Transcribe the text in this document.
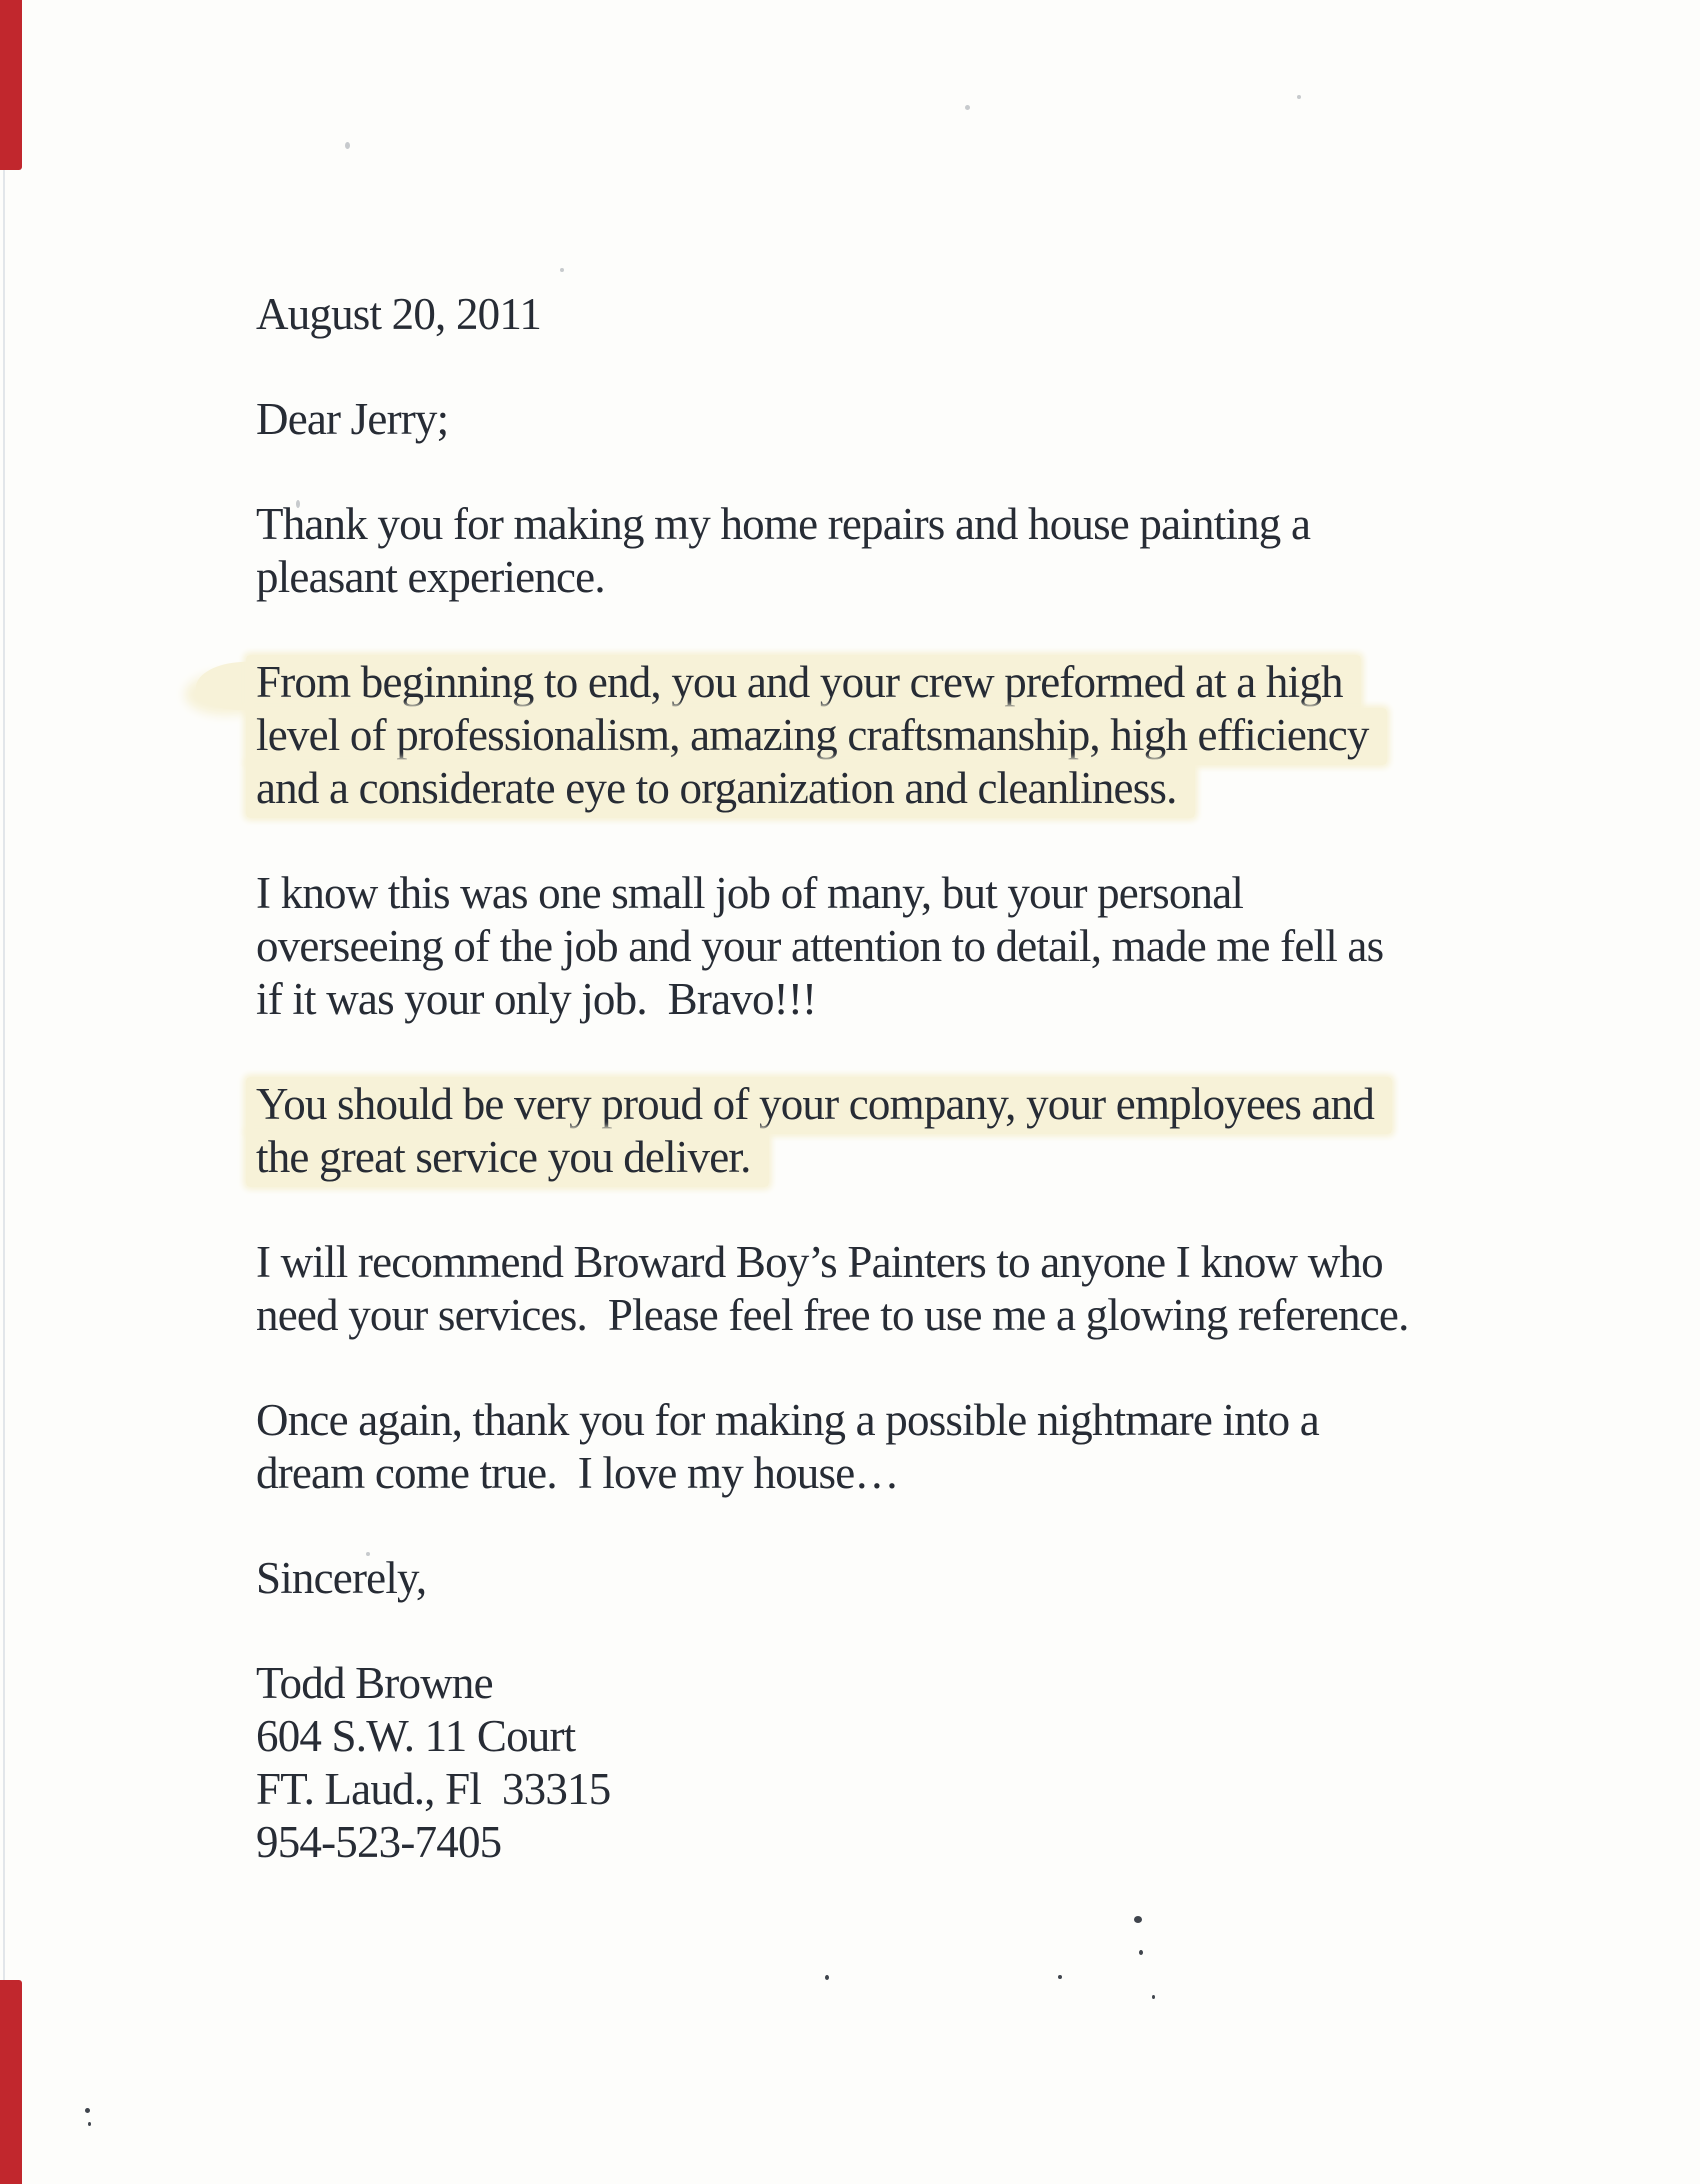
August 20, 2011
Dear Jerry;
Thank you for making my home repairs and house painting a
pleasant experience.
From beginning to end, you and your crew preformed at a high
level of professionalism, amazing craftsmanship, high efficiency
and a considerate eye to organization and cleanliness.
I know this was one small job of many, but your personal
overseeing of the job and your attention to detail, made me fell as
if it was your only job.  Bravo!!!
You should be very proud of your company, your employees and
the great service you deliver.
I will recommend Broward Boy’s Painters to anyone I know who
need your services.  Please feel free to use me a glowing reference.
Once again, thank you for making a possible nightmare into a
dream come true.  I love my house…
Sincerely,
Todd Browne
604 S.W. 11 Court
FT. Laud., Fl  33315
954-523-7405
